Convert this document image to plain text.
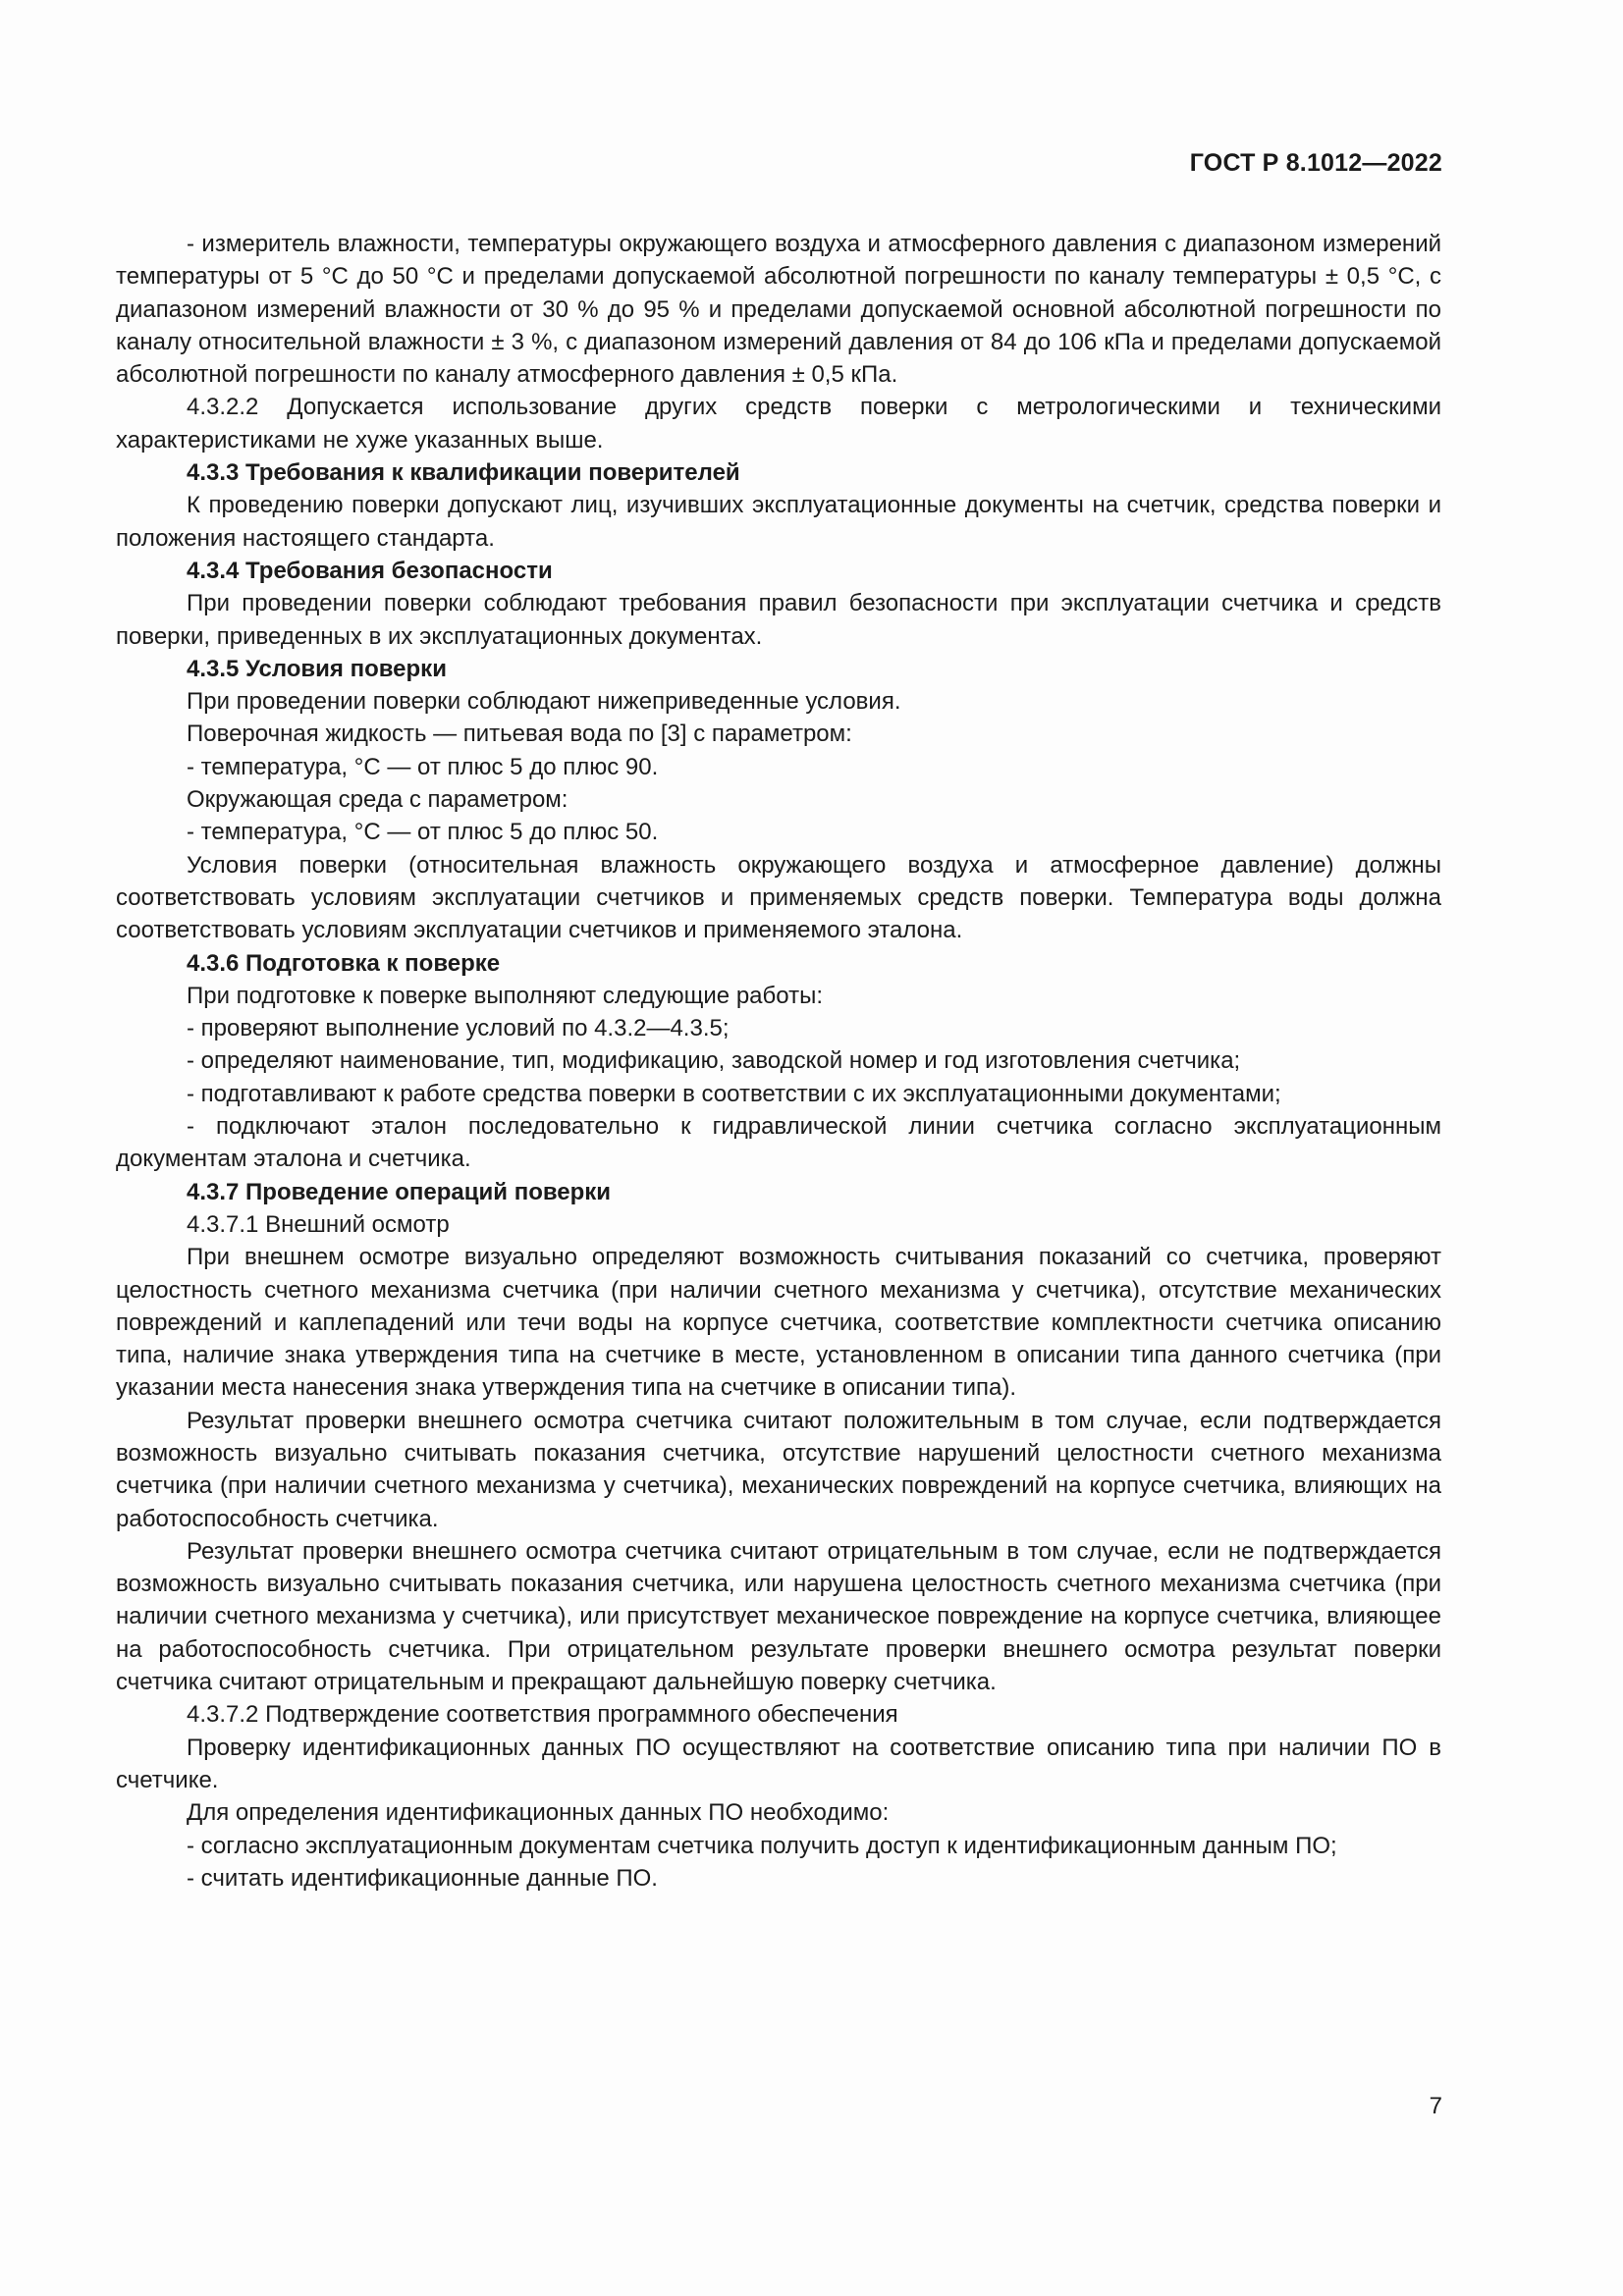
ГОСТ Р 8.1012—2022

- измеритель влажности, температуры окружающего воздуха и атмосферного давления с диапазоном измерений температуры от 5 °C до 50 °C и пределами допускаемой абсолютной погрешности по каналу температуры ± 0,5 °C, с диапазоном измерений влажности от 30 % до 95 % и пределами допускаемой основной абсолютной погрешности по каналу относительной влажности ± 3 %, с диапазоном измерений давления от 84 до 106 кПа и пределами допускаемой абсолютной погрешности по каналу атмосферного давления ± 0,5 кПа.

4.3.2.2 Допускается использование других средств поверки с метрологическими и техническими характеристиками не хуже указанных выше.

4.3.3 Требования к квалификации поверителей

К проведению поверки допускают лиц, изучивших эксплуатационные документы на счетчик, средства поверки и положения настоящего стандарта.

4.3.4 Требования безопасности

При проведении поверки соблюдают требования правил безопасности при эксплуатации счетчика и средств поверки, приведенных в их эксплуатационных документах.

4.3.5 Условия поверки

При проведении поверки соблюдают нижеприведенные условия.

Поверочная жидкость — питьевая вода по [3] с параметром:

- температура, °C — от плюс 5 до плюс 90.

Окружающая среда с параметром:

- температура, °C — от плюс 5 до плюс 50.

Условия поверки (относительная влажность окружающего воздуха и атмосферное давление) должны соответствовать условиям эксплуатации счетчиков и применяемых средств поверки. Температура воды должна соответствовать условиям эксплуатации счетчиков и применяемого эталона.

4.3.6 Подготовка к поверке

При подготовке к поверке выполняют следующие работы:

- проверяют выполнение условий по 4.3.2—4.3.5;

- определяют наименование, тип, модификацию, заводской номер и год изготовления счетчика;

- подготавливают к работе средства поверки в соответствии с их эксплуатационными документами;

- подключают эталон последовательно к гидравлической линии счетчика согласно эксплуатационным документам эталона и счетчика.

4.3.7 Проведение операций поверки

4.3.7.1 Внешний осмотр

При внешнем осмотре визуально определяют возможность считывания показаний со счетчика, проверяют целостность счетного механизма счетчика (при наличии счетного механизма у счетчика), отсутствие механических повреждений и каплепадений или течи воды на корпусе счетчика, соответствие комплектности счетчика описанию типа, наличие знака утверждения типа на счетчике в месте, установленном в описании типа данного счетчика (при указании места нанесения знака утверждения типа на счетчике в описании типа).

Результат проверки внешнего осмотра счетчика считают положительным в том случае, если подтверждается возможность визуально считывать показания счетчика, отсутствие нарушений целостности счетного механизма счетчика (при наличии счетного механизма у счетчика), механических повреждений на корпусе счетчика, влияющих на работоспособность счетчика.

Результат проверки внешнего осмотра счетчика считают отрицательным в том случае, если не подтверждается возможность визуально считывать показания счетчика, или нарушена целостность счетного механизма счетчика (при наличии счетного механизма у счетчика), или присутствует механическое повреждение на корпусе счетчика, влияющее на работоспособность счетчика. При отрицательном результате проверки внешнего осмотра результат поверки счетчика считают отрицательным и прекращают дальнейшую поверку счетчика.

4.3.7.2 Подтверждение соответствия программного обеспечения

Проверку идентификационных данных ПО осуществляют на соответствие описанию типа при наличии ПО в счетчике.

Для определения идентификационных данных ПО необходимо:

- согласно эксплуатационным документам счетчика получить доступ к идентификационным данным ПО;

- считать идентификационные данные ПО.

7
